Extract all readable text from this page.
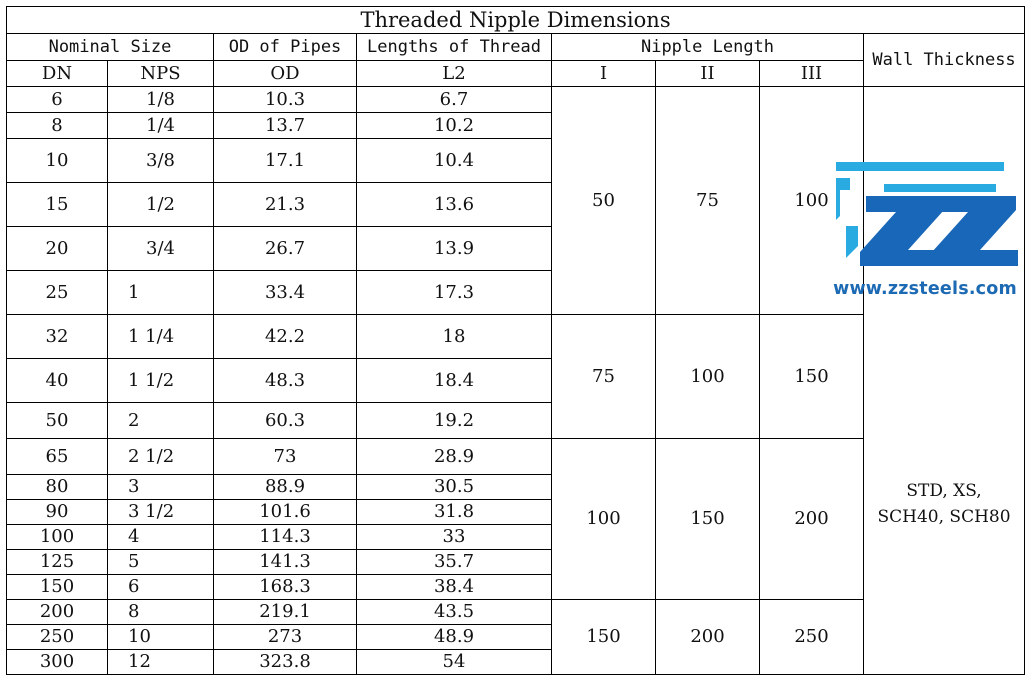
Threaded Nipple Dimensions							
Nominal Size		OD of Pipes	Lengths of Thread	Nipple Length			Wall Thickness
DN	NPS	OD	L2	I	II	III	
6	1/8	10.3	6.7	50	75	100	STD, XS,
SCH40, SCH80

8	1/4	13.7	10.2				
10	3/8	17.1	10.4				
15	1/2	21.3	13.6				
20	3/4	26.7	13.9				
25	1	33.4	17.3				
32	1 1/4	42.2	18	75	100	150	
40	1 1/2	48.3	18.4				
50	2	60.3	19.2				
65	2 1/2	73	28.9	100	150	200	
80	3	88.9	30.5				
90	3 1/2	101.6	31.8				
100	4	114.3	33				
125	5	141.3	35.7				
150	6	168.3	38.4				
200	8	219.1	43.5	150	200	250	
250	10	273	48.9				
300	12	323.8	54				
www.zzsteels.com
